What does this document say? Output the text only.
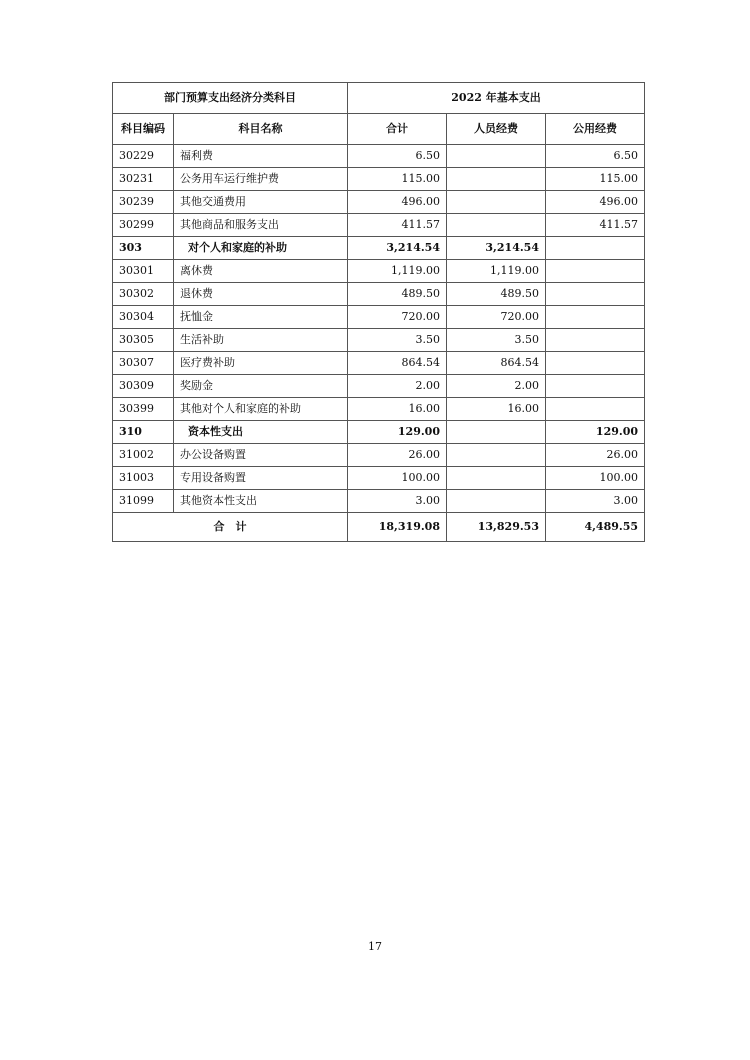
部门预算支出经济分类科目		2022 年基本支出		
科目编码	科目名称	合计	人员经费	公用经费
30229	福利费	6.50		6.50
30231	公务用车运行维护费	115.00		115.00
30239	其他交通费用	496.00		496.00
30299	其他商品和服务支出	411.57		411.57
303	对个人和家庭的补助	3,214.54	3,214.54	
30301	离休费	1,119.00	1,119.00	
30302	退休费	489.50	489.50	
30304	抚恤金	720.00	720.00	
30305	生活补助	3.50	3.50	
30307	医疗费补助	864.54	864.54	
30309	奖励金	2.00	2.00	
30399	其他对个人和家庭的补助	16.00	16.00	
310	资本性支出	129.00		129.00
31002	办公设备购置	26.00		26.00
31003	专用设备购置	100.00		100.00
31099	其他资本性支出	3.00		3.00
合　计		18,319.08	13,829.53	4,489.55
17
